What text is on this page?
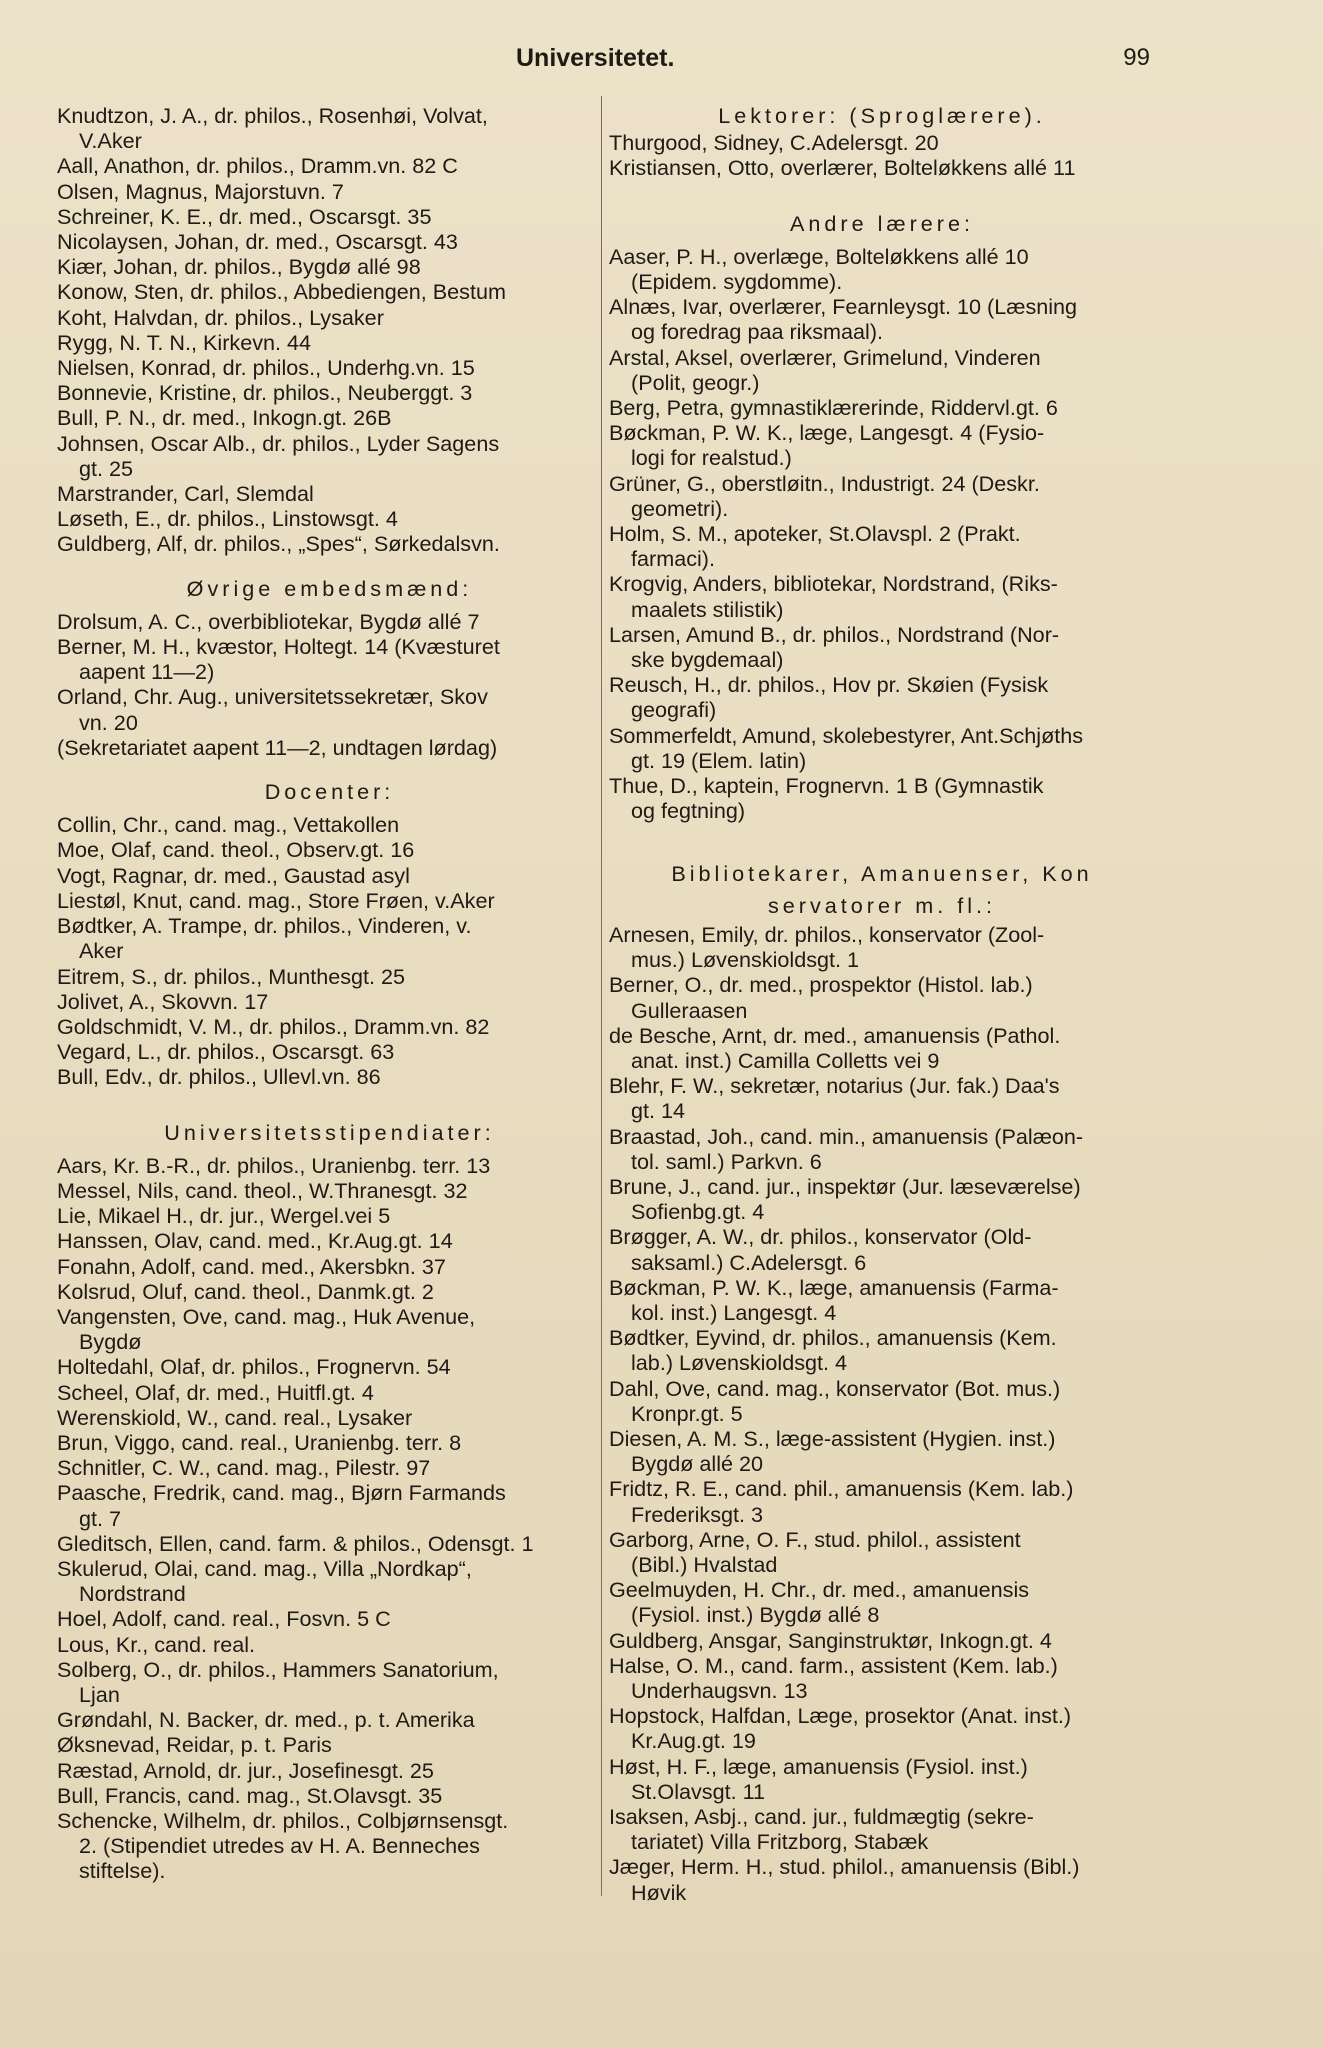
Universitetet.	99
Knudtzon, J. A., dr. philos., Rosenhøi, Volvat,
V.Aker
Aall, Anathon, dr. philos., Dramm.vn. 82 C
Olsen, Magnus, Majorstuvn. 7
Schreiner, K. E., dr. med., Oscarsgt. 35
Nicolaysen, Johan, dr. med., Oscarsgt. 43
Kiær, Johan, dr. philos., Bygdø allé 98
Konow, Sten, dr. philos., Abbediengen, Bestum
Koht, Halvdan, dr. philos., Lysaker
Rygg, N. T. N., Kirkevn. 44
Nielsen, Konrad, dr. philos., Underhg.vn. 15
Bonnevie, Kristine, dr. philos., Neuberggt. 3
Bull, P. N., dr. med., Inkogn.gt. 26B
Johnsen, Oscar Alb., dr. philos., Lyder Sagens
gt. 25
Marstrander, Carl, Slemdal
Løseth, E., dr. philos., Linstowsgt. 4
Guldberg, Alf, dr. philos., „Spes“, Sørkedalsvn.
Øvrige embedsmænd:
Drolsum, A. C., overbibliotekar, Bygdø allé 7
Berner, M. H., kvæstor, Holtegt. 14 (Kvæsturet
aapent 11—2)
Orland, Chr. Aug., universitetssekretær, Skov
vn. 20
(Sekretariatet aapent 11—2, undtagen lørdag)
Docenter:
Collin, Chr., cand. mag., Vettakollen
Moe, Olaf, cand. theol., Observ.gt. 16
Vogt, Ragnar, dr. med., Gaustad asyl
Liestøl, Knut, cand. mag., Store Frøen, v.Aker
Bødtker, A. Trampe, dr. philos., Vinderen, v.
Aker
Eitrem, S., dr. philos., Munthesgt. 25
Jolivet, A., Skovvn. 17
Goldschmidt, V. M., dr. philos., Dramm.vn. 82
Vegard, L., dr. philos., Oscarsgt. 63
Bull, Edv., dr. philos., Ullevl.vn. 86
Universitetsstipendiater:
Aars, Kr. B.-R., dr. philos., Uranienbg. terr. 13
Messel, Nils, cand. theol., W.Thranesgt. 32
Lie, Mikael H., dr. jur., Wergel.vei 5
Hanssen, Olav, cand. med., Kr.Aug.gt. 14
Fonahn, Adolf, cand. med., Akersbkn. 37
Kolsrud, Oluf, cand. theol., Danmk.gt. 2
Vangensten, Ove, cand. mag., Huk Avenue,
Bygdø
Holtedahl, Olaf, dr. philos., Frognervn. 54
Scheel, Olaf, dr. med., Huitfl.gt. 4
Werenskiold, W., cand. real., Lysaker
Brun, Viggo, cand. real., Uranienbg. terr. 8
Schnitler, C. W., cand. mag., Pilestr. 97
Paasche, Fredrik, cand. mag., Bjørn Farmands
gt. 7
Gleditsch, Ellen, cand. farm. & philos., Odensgt. 1
Skulerud, Olai, cand. mag., Villa „Nordkap“,
Nordstrand
Hoel, Adolf, cand. real., Fosvn. 5 C
Lous, Kr., cand. real.
Solberg, O., dr. philos., Hammers Sanatorium,
Ljan
Grøndahl, N. Backer, dr. med., p. t. Amerika
Øksnevad, Reidar, p. t. Paris
Ræstad, Arnold, dr. jur., Josefinesgt. 25
Bull, Francis, cand. mag., St.Olavsgt. 35
Schencke, Wilhelm, dr. philos., Colbjørnsensgt.
2. (Stipendiet utredes av H. A. Benneches
stiftelse).
Lektorer: (Sproglærere).
Thurgood, Sidney, C.Adelersgt. 20
Kristiansen, Otto, overlærer, Bolteløkkens allé 11
Andre lærere:
Aaser, P. H., overlæge, Bolteløkkens allé 10
(Epidem. sygdomme).
Alnæs, Ivar, overlærer, Fearnleysgt. 10 (Læsning
og foredrag paa riksmaal).
Arstal, Aksel, overlærer, Grimelund, Vinderen
(Polit, geogr.)
Berg, Petra, gymnastiklærerinde, Riddervl.gt. 6
Bøckman, P. W. K., læge, Langesgt. 4 (Fysio-
logi for realstud.)
Grüner, G., oberstløitn., Industrigt. 24 (Deskr.
geometri).
Holm, S. M., apoteker, St.Olavspl. 2 (Prakt.
farmaci).
Krogvig, Anders, bibliotekar, Nordstrand, (Riks-
maalets stilistik)
Larsen, Amund B., dr. philos., Nordstrand (Nor-
ske bygdemaal)
Reusch, H., dr. philos., Hov pr. Skøien (Fysisk
geografi)
Sommerfeldt, Amund, skolebestyrer, Ant.Schjøths
gt. 19 (Elem. latin)
Thue, D., kaptein, Frognervn. 1 B (Gymnastik
og fegtning)
Bibliotekarer, Amanuenser, Kon
servatorer m. fl.:
Arnesen, Emily, dr. philos., konservator (Zool-
mus.) Løvenskioldsgt. 1
Berner, O., dr. med., prospektor (Histol. lab.)
Gulleraasen
de Besche, Arnt, dr. med., amanuensis (Pathol.
anat. inst.) Camilla Colletts vei 9
Blehr, F. W., sekretær, notarius (Jur. fak.) Daa's
gt. 14
Braastad, Joh., cand. min., amanuensis (Palæon-
tol. saml.) Parkvn. 6
Brune, J., cand. jur., inspektør (Jur. læseværelse)
Sofienbg.gt. 4
Brøgger, A. W., dr. philos., konservator (Old-
saksaml.) C.Adelersgt. 6
Bøckman, P. W. K., læge, amanuensis (Farma-
kol. inst.) Langesgt. 4
Bødtker, Eyvind, dr. philos., amanuensis (Kem.
lab.) Løvenskioldsgt. 4
Dahl, Ove, cand. mag., konservator (Bot. mus.)
Kronpr.gt. 5
Diesen, A. M. S., læge-assistent (Hygien. inst.)
Bygdø allé 20
Fridtz, R. E., cand. phil., amanuensis (Kem. lab.)
Frederiksgt. 3
Garborg, Arne, O. F., stud. philol., assistent
(Bibl.) Hvalstad
Geelmuyden, H. Chr., dr. med., amanuensis
(Fysiol. inst.) Bygdø allé 8
Guldberg, Ansgar, Sanginstruktør, Inkogn.gt. 4
Halse, O. M., cand. farm., assistent (Kem. lab.)
Underhaugsvn. 13
Hopstock, Halfdan, Læge, prosektor (Anat. inst.)
Kr.Aug.gt. 19
Høst, H. F., læge, amanuensis (Fysiol. inst.)
St.Olavsgt. 11
Isaksen, Asbj., cand. jur., fuldmægtig (sekre-
tariatet) Villa Fritzborg, Stabæk
Jæger, Herm. H., stud. philol., amanuensis (Bibl.)
Høvik
